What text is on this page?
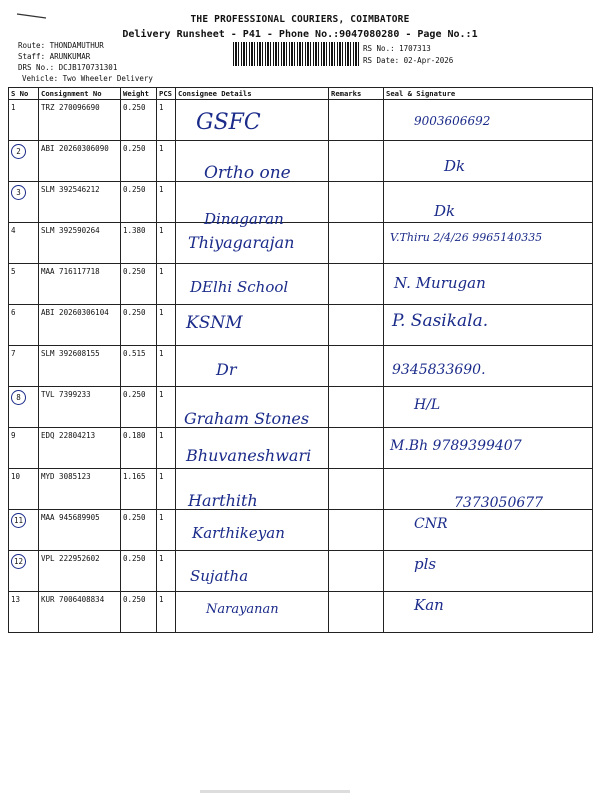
THE PROFESSIONAL COURIERS, COIMBATORE
Delivery Runsheet - P41 - Phone No.:9047080280 - Page No.:1
Route: THONDAMUTHUR
Staff: ARUNKUMAR
DRS No.: DCJB170731301
Vehicle: Two Wheeler Delivery
RS No.: 1707313
RS Date: 02-Apr-2026
S No	Consignment No	Weight	PCS	Consignee Details	Remarks	Seal & Signature
1	TRZ 270096690	0.250	1	GSFC		9003606692

2	ABI 20260306090	0.250	1	Ortho one		Dk

3	SLM 392546212	0.250	1	Dinagaran		Dk

4	SLM 392590264	1.380	1	Thiyagarajan		V.Thiru 2/4/26 9965140335

5	MAA 716117718	0.250	1	DElhi School		N. Murugan

6	ABI 20260306104	0.250	1	KSNM		P. Sasikala.

7	SLM 392608155	0.515	1	Dr		9345833690.

8	TVL 7399233	0.250	1	Graham Stones		H/L

9	EDQ 22804213	0.180	1	Bhuvaneshwari		M.Bh 9789399407

10	MYD 3085123	1.165	1	Harthith		7373050677

11	MAA 945689905	0.250	1	Karthikeyan		CNR

12	VPL 222952602	0.250	1	Sujatha		pls

13	KUR 7006408834	0.250	1	Narayanan		Kan
